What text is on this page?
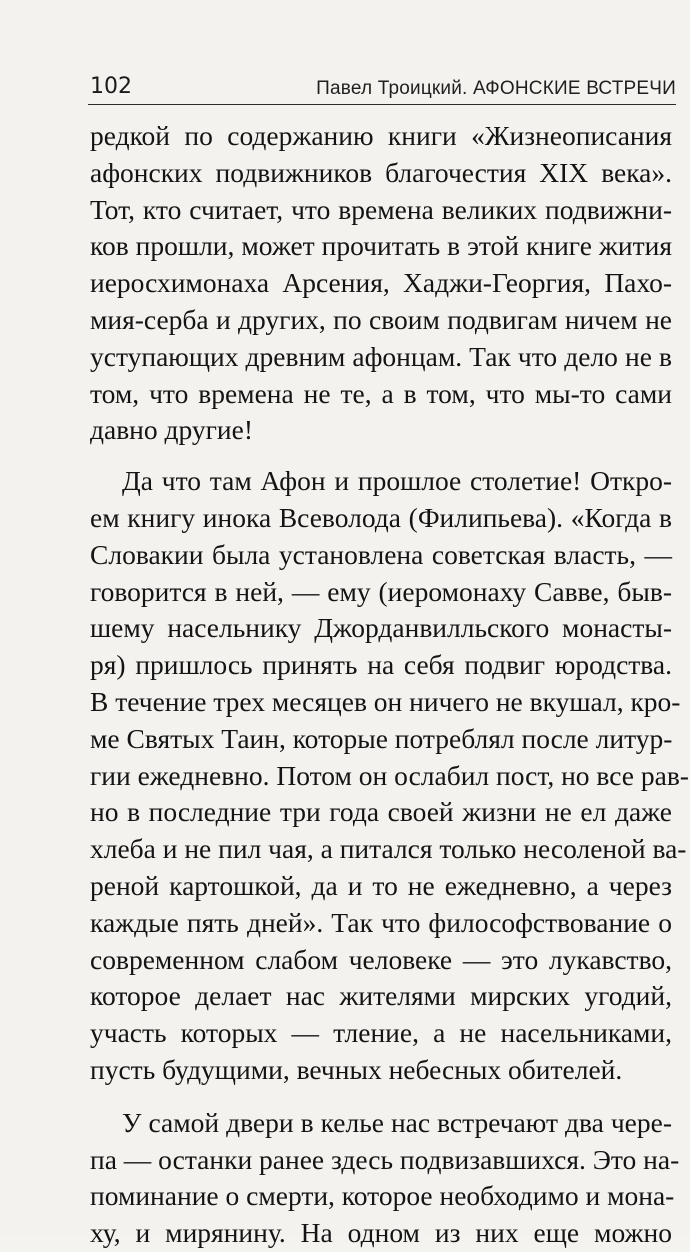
102	Павел Троицкий. АФОНСКИЕ ВСТРЕЧИ

редкой по содержанию книги «Жизнеописания

афонских подвижников благочестия XIX века».

Тот, кто считает, что времена великих подвижни-

ков прошли, может прочитать в этой книге жития

иеросхимонаха Арсения, Хаджи-Георгия, Пахо-

мия-серба и других, по своим подвигам ничем не

уступающих древним афонцам. Так что дело не в

том, что времена не те, а в том, что мы-то сами

давно другие!

Да что там Афон и прошлое столетие! Откро-

ем книгу инока Всеволода (Филипьева). «Когда в

Словакии была установлена советская власть, —

говорится в ней, — ему (иеромонаху Савве, быв-

шему насельнику Джорданвилльского монасты-

ря) пришлось принять на себя подвиг юродства.

В течение трех месяцев он ничего не вкушал, кро-

ме Святых Таин, которые потреблял после литур-

гии ежедневно. Потом он ослабил пост, но все рав-

но в последние три года своей жизни не ел даже

хлеба и не пил чая, а питался только несоленой ва-

реной картошкой, да и то не ежедневно, а через

каждые пять дней». Так что философствование о

современном слабом человеке — это лукавство,

которое делает нас жителями мирских угодий,

участь которых — тление, а не насельниками,

пусть будущими, вечных небесных обителей.

У самой двери в келье нас встречают два чере-

па — останки ранее здесь подвизавшихся. Это на-

поминание о смерти, которое необходимо и мона-

ху, и мирянину. На одном из них еще можно
